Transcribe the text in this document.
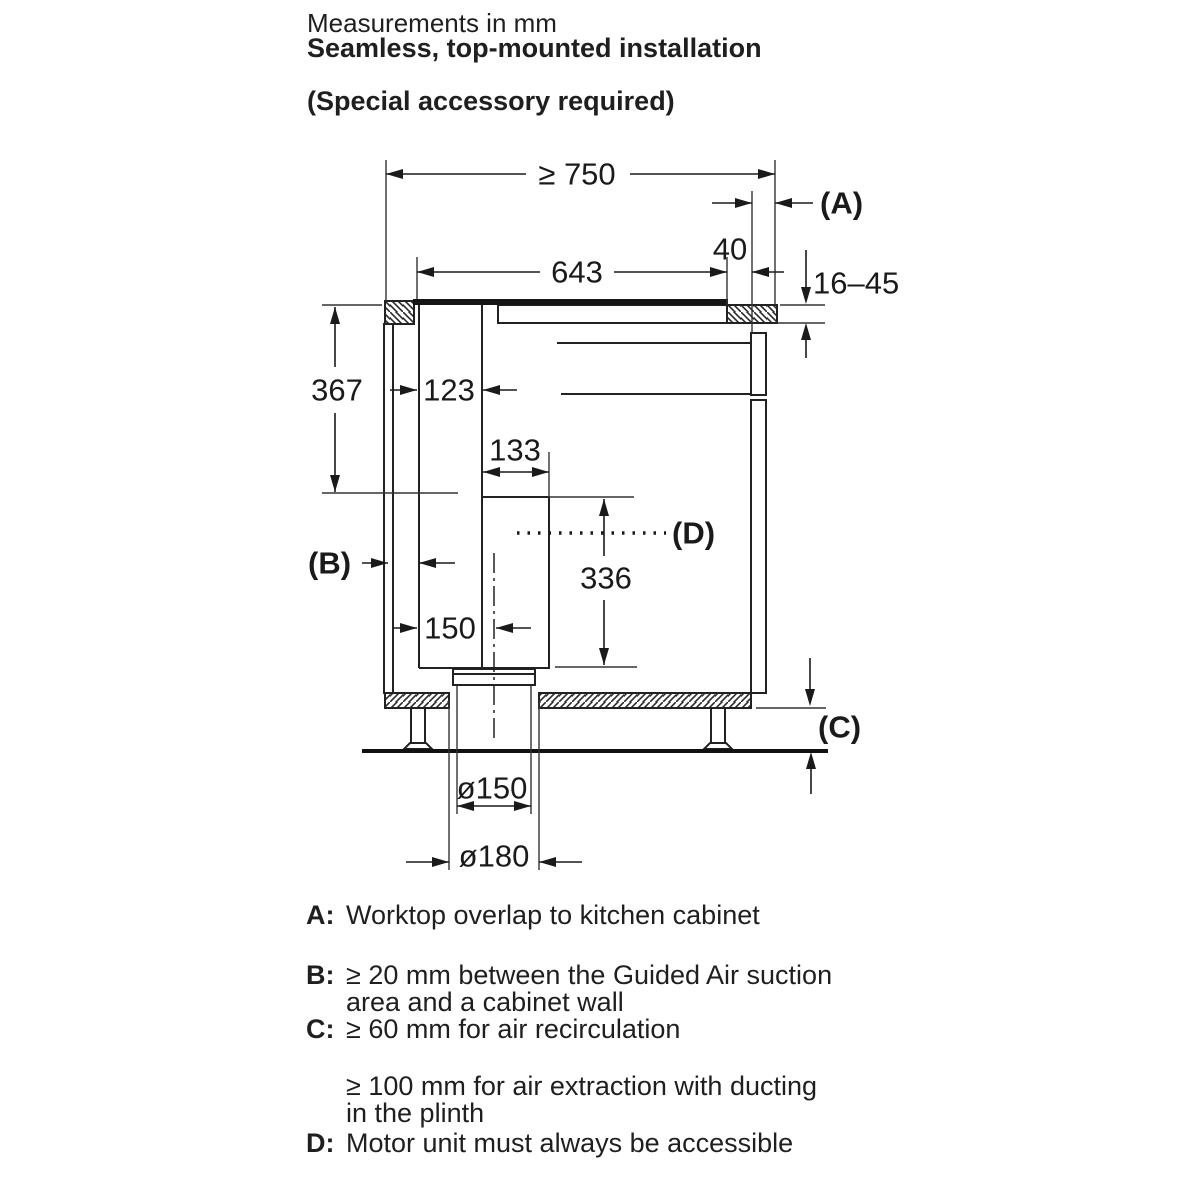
Measurements in mm
Seamless, top-mounted installation
(Special accessory required)
≥ 750
(A)
40
643	16–45
367 123
133
(B)
(D)
336
150
(C)
ø150
ø180
A: Worktop overlap to kitchen cabinet
B: ≥ 20 mm between the Guided Air suction
area and a cabinet wall
C: ≥ 60 mm for air recirculation
≥ 100 mm for air extraction with ducting
in the plinth
D: Motor unit must always be accessible
